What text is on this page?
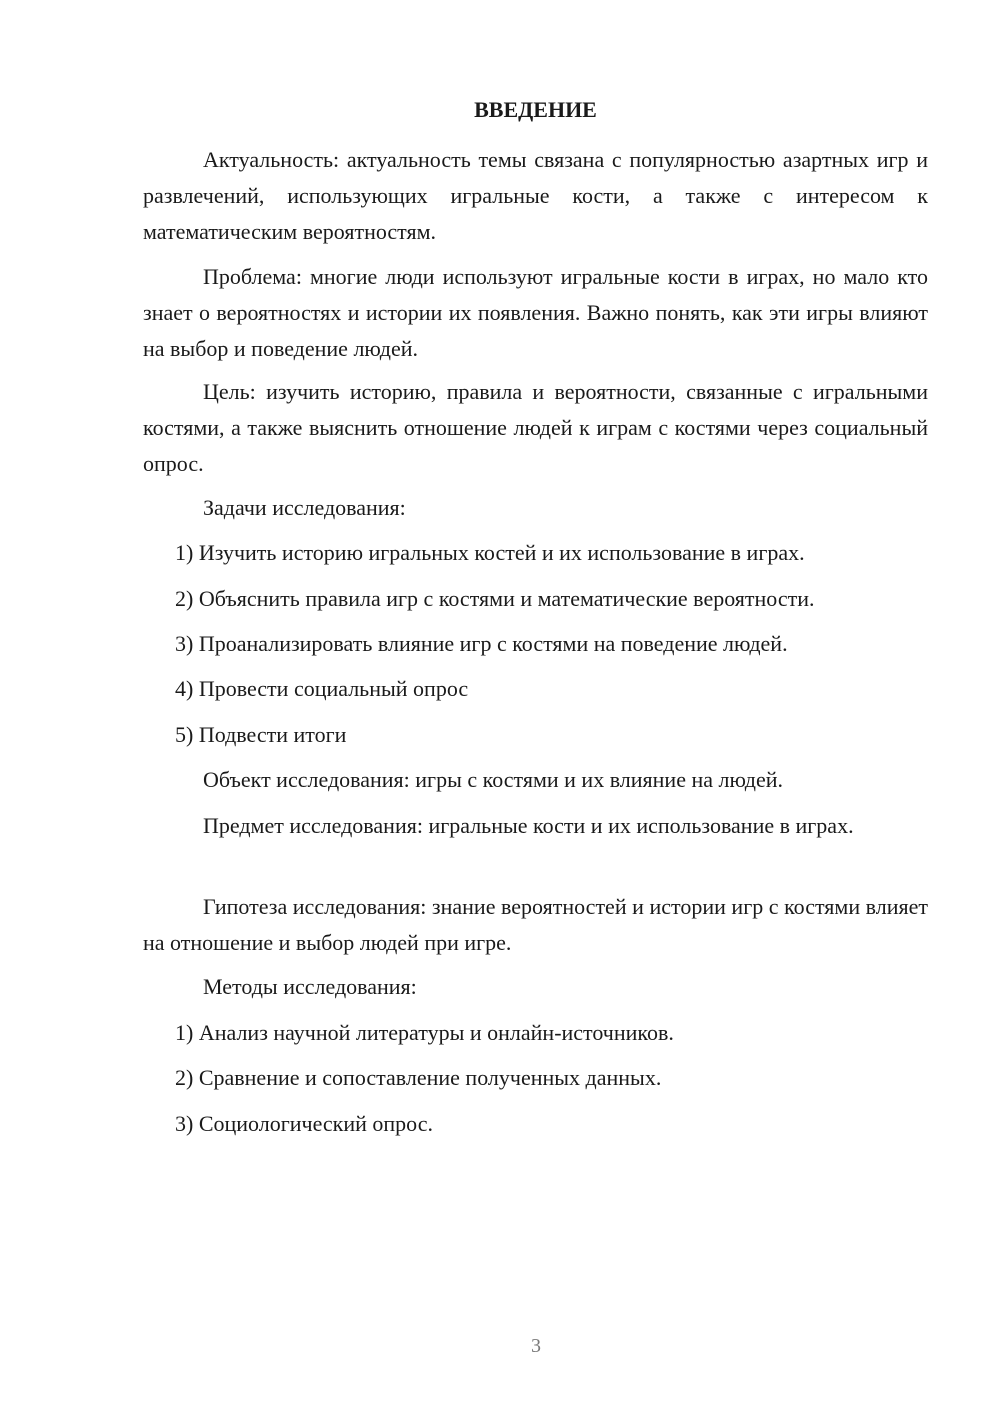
ВВЕДЕНИЕ

Актуальность: актуальность темы связана с популярностью азартных игр и развлечений, использующих игральные кости, а также с интересом к математическим вероятностям.

Проблема: многие люди используют игральные кости в играх, но мало кто знает о вероятностях и истории их появления. Важно понять, как эти игры влияют на выбор и поведение людей.

Цель: изучить историю, правила и вероятности, связанные с игральными костями, а также выяснить отношение людей к играм с костями через социальный опрос.

Задачи исследования:

1) Изучить историю игральных костей и их использование в играх.

2) Объяснить правила игр с костями и математические вероятности.

3) Проанализировать влияние игр с костями на поведение людей.

4) Провести социальный опрос

5) Подвести итоги

Объект исследования: игры с костями и их влияние на людей.

Предмет исследования: игральные кости и их использование в играх.

Гипотеза исследования: знание вероятностей и истории игр с костями влияет на отношение и выбор людей при игре.

Методы исследования:

1) Анализ научной литературы и онлайн-источников.

2) Сравнение и сопоставление полученных данных.

3) Социологический опрос.

3
